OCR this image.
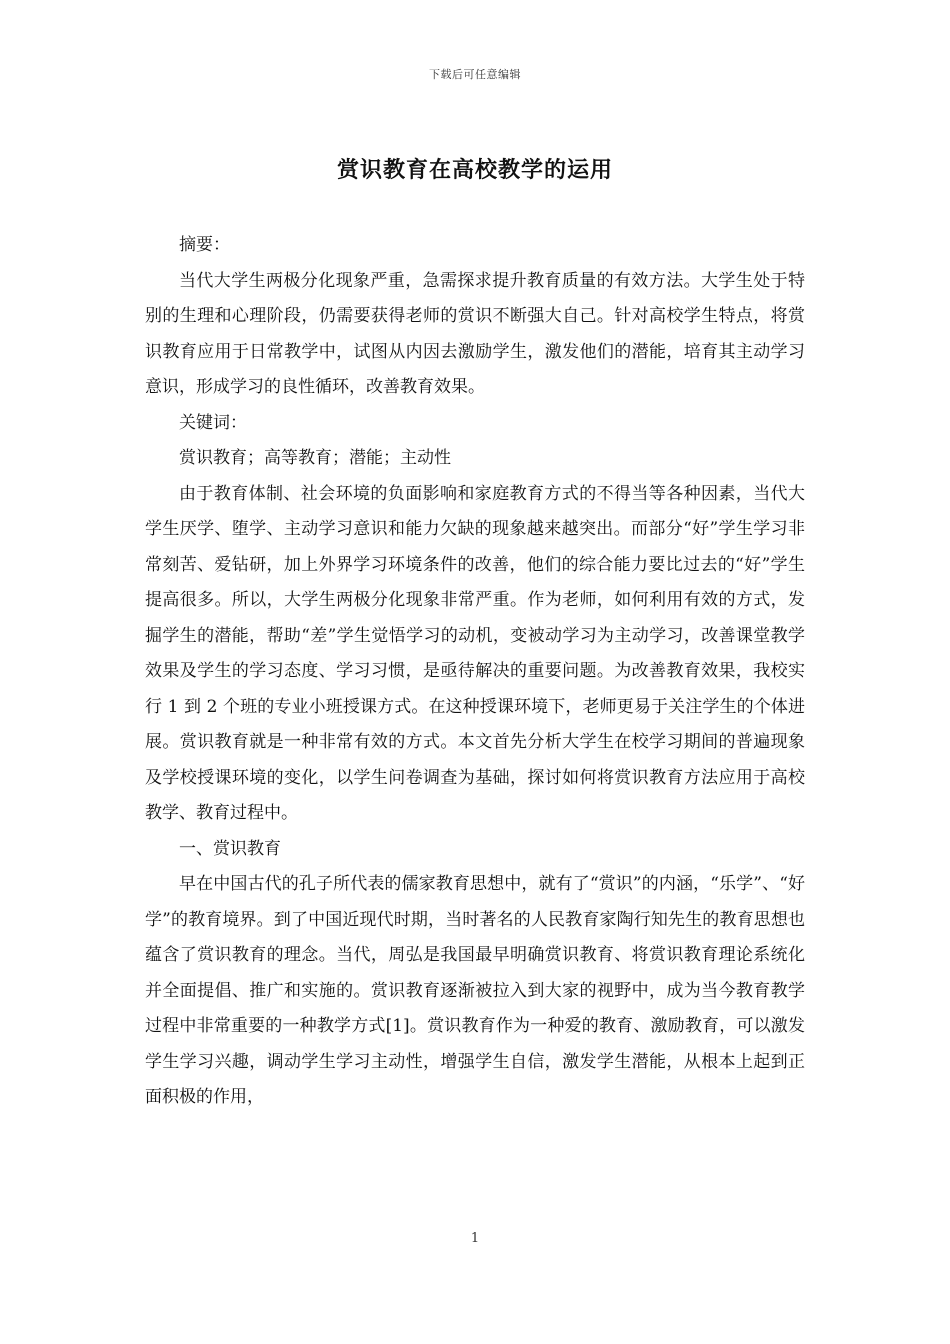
下载后可任意编辑
赏识教育在高校教学的运用

摘要：

当代大学生两极分化现象严重，急需探求提升教育质量的有效方法。大学生处于特别的生理和心理阶段，仍需要获得老师的赏识不断强大自己。针对高校学生特点，将赏识教育应用于日常教学中，试图从内因去激励学生，激发他们的潜能，培育其主动学习意识，形成学习的良性循环，改善教育效果。

关键词：

赏识教育；高等教育；潜能；主动性

由于教育体制、社会环境的负面影响和家庭教育方式的不得当等各种因素，当代大学生厌学、堕学、主动学习意识和能力欠缺的现象越来越突出。而部分“好”学生学习非常刻苦、爱钻研，加上外界学习环境条件的改善，他们的综合能力要比过去的“好”学生提高很多。所以，大学生两极分化现象非常严重。作为老师，如何利用有效的方式，发掘学生的潜能，帮助“差”学生觉悟学习的动机，变被动学习为主动学习，改善课堂教学效果及学生的学习态度、学习习惯，是亟待解决的重要问题。为改善教育效果，我校实行 1 到 2 个班的专业小班授课方式。在这种授课环境下，老师更易于关注学生的个体进展。赏识教育就是一种非常有效的方式。本文首先分析大学生在校学习期间的普遍现象及学校授课环境的变化，以学生问卷调查为基础，探讨如何将赏识教育方法应用于高校教学、教育过程中。

一、赏识教育

早在中国古代的孔子所代表的儒家教育思想中，就有了“赏识”的内涵，“乐学”、“好学”的教育境界。到了中国近现代时期，当时著名的人民教育家陶行知先生的教育思想也蕴含了赏识教育的理念。当代，周弘是我国最早明确赏识教育、将赏识教育理论系统化并全面提倡、推广和实施的。赏识教育逐渐被拉入到大家的视野中，成为当今教育教学过程中非常重要的一种教学方式[1]。赏识教育作为一种爱的教育、激励教育，可以激发学生学习兴趣，调动学生学习主动性，增强学生自信，激发学生潜能，从根本上起到正面积极的作用，

1
